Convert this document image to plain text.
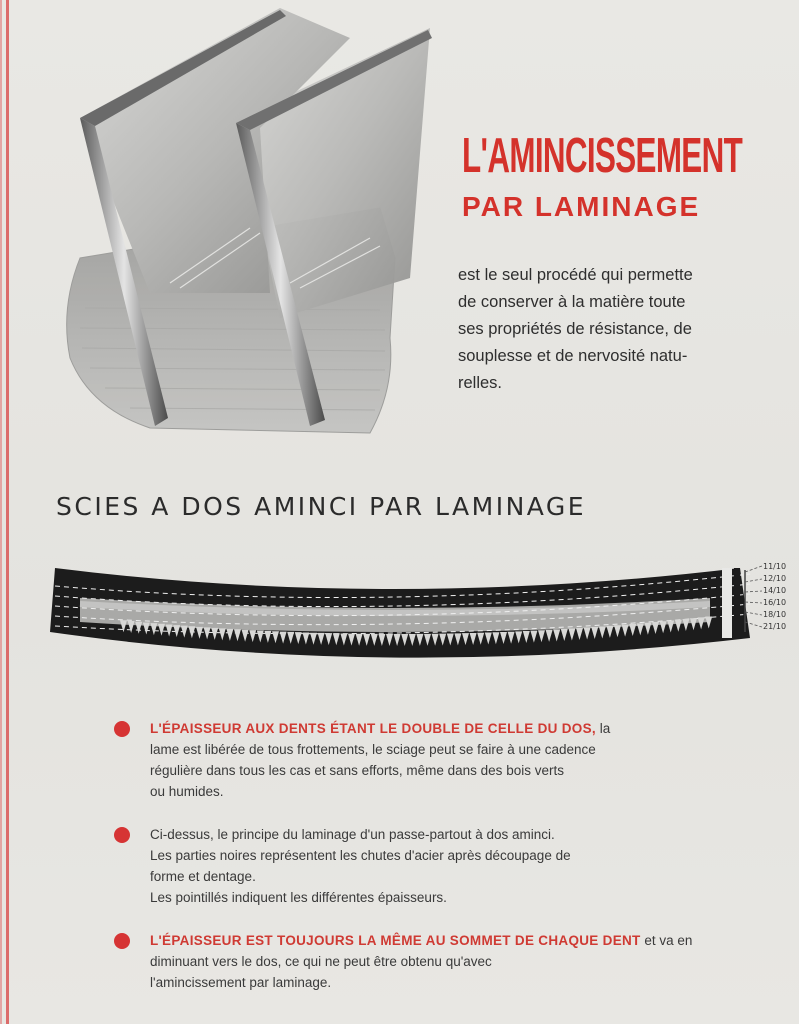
L'AMINCISSEMENT
PAR LAMINAGE
est le seul procédé qui permette
de conserver à la matière toute
ses propriétés de résistance, de
souplesse et de nervosité natu-
relles.
SCIES A DOS AMINCI PAR LAMINAGE
11/10
12/10
14/10
16/10
18/10
21/10
L'ÉPAISSEUR AUX DENTS ÉTANT LE DOUBLE DE CELLE DU DOS, la
lame est libérée de tous frottements, le sciage peut se faire à une cadence
régulière dans tous les cas et sans efforts, même dans des bois verts
ou humides.
Ci-dessus, le principe du laminage d'un passe-partout à dos aminci.
Les parties noires représentent les chutes d'acier après découpage de
forme et dentage.
Les pointillés indiquent les différentes épaisseurs.
L'ÉPAISSEUR EST TOUJOURS LA MÊME AU SOMMET DE CHAQUE DENT et va en diminuant vers le dos, ce qui ne peut être obtenu qu'avec
l'amincissement par laminage.
